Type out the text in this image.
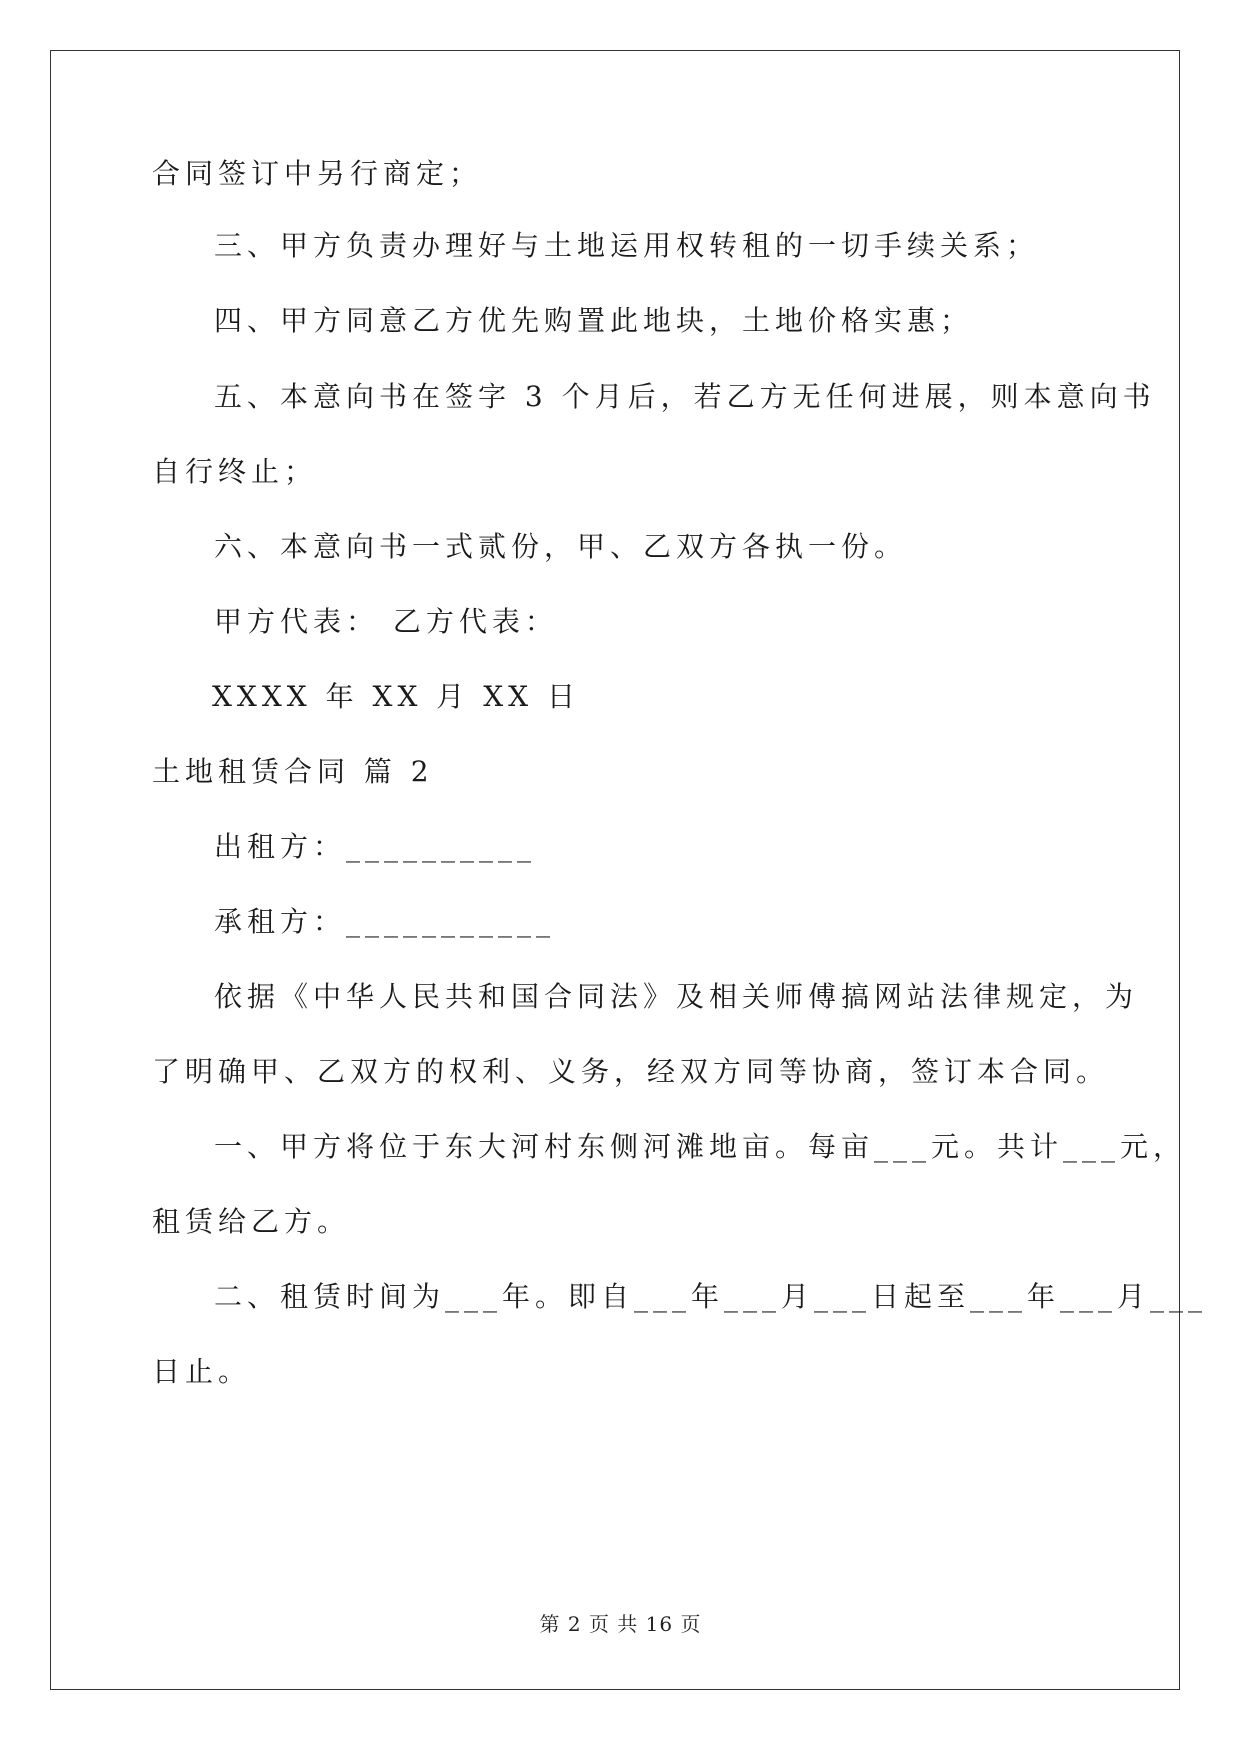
合同签订中另行商定；
三、甲方负责办理好与土地运用权转租的一切手续关系；
四、甲方同意乙方优先购置此地块，土地价格实惠；
五、本意向书在签字 3 个月后，若乙方无任何进展，则本意向书
自行终止；
六、本意向书一式贰份，甲、乙双方各执一份。
甲方代表： 乙方代表：
XXXX 年 XX 月 XX 日
土地租赁合同 篇 2
出租方：__________
承租方：___________
依据《中华人民共和国合同法》及相关师傅搞网站法律规定，为
了明确甲、乙双方的权利、义务，经双方同等协商，签订本合同。
一、甲方将位于东大河村东侧河滩地亩。每亩___元。共计___元，
租赁给乙方。
二、租赁时间为___年。即自___年___月___日起至___年___月___
日止。
第 2 页 共 16 页
